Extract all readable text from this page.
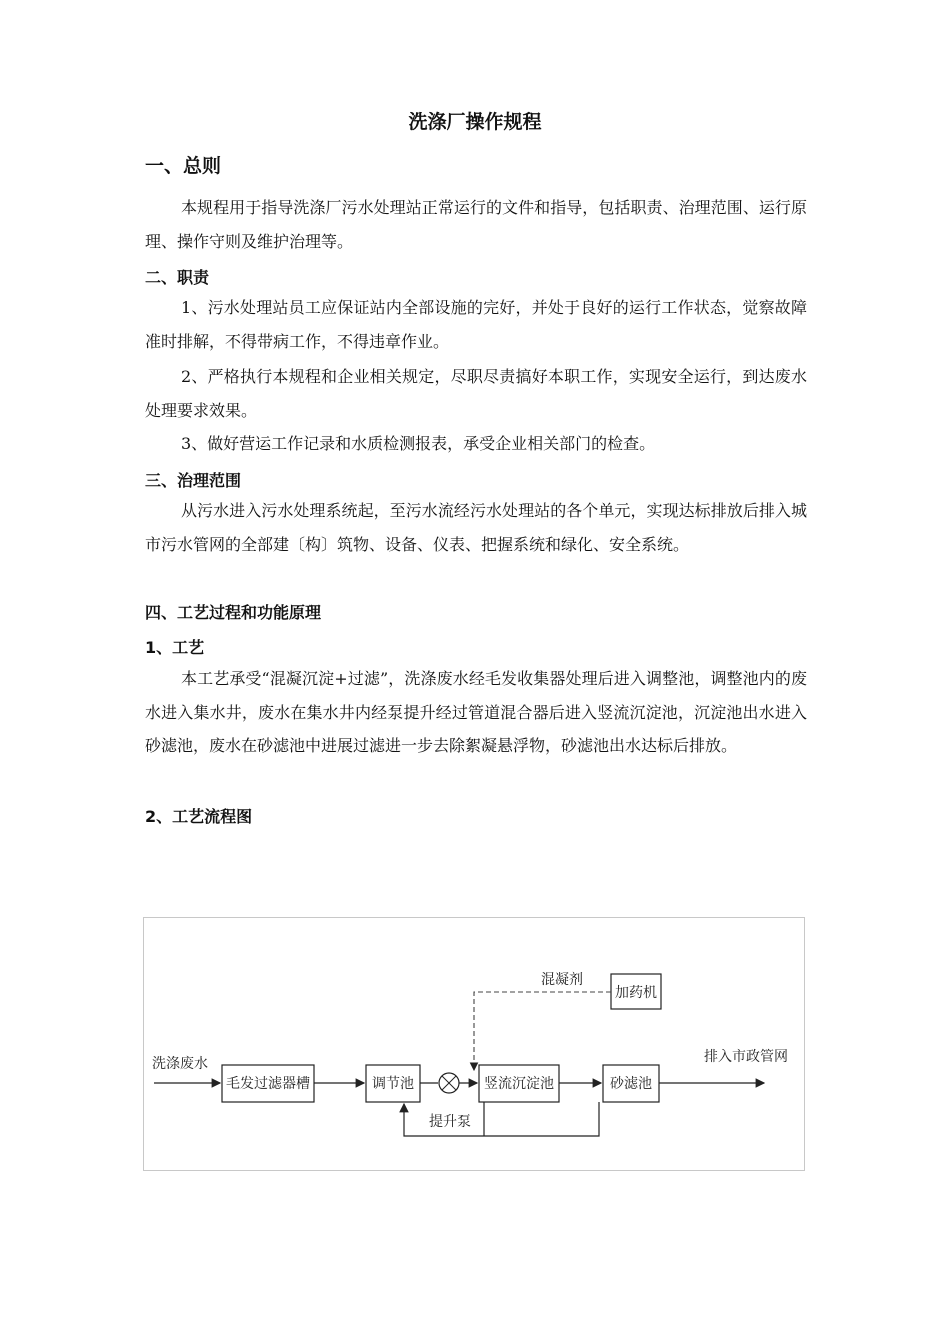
洗涤厂操作规程
一、总则
本规程用于指导洗涤厂污水处理站正常运行的文件和指导，包括职责、治理范围、运行原理、操作守则及维护治理等。
二、职责
1、污水处理站员工应保证站内全部设施的完好，并处于良好的运行工作状态，觉察故障准时排解，不得带病工作，不得违章作业。
2、严格执行本规程和企业相关规定，尽职尽责搞好本职工作，实现安全运行，到达废水处理要求效果。
3、做好营运工作记录和水质检测报表，承受企业相关部门的检查。
三、治理范围
从污水进入污水处理系统起，至污水流经污水处理站的各个单元，实现达标排放后排入城市污水管网的全部建〔构〕筑物、设备、仪表、把握系统和绿化、安全系统。
四、工艺过程和功能原理
1、工艺
本工艺承受“混凝沉淀+过滤”，洗涤废水经毛发收集器处理后进入调整池，调整池内的废水进入集水井，废水在集水井内经泵提升经过管道混合器后进入竖流沉淀池，沉淀池出水进入砂滤池，废水在砂滤池中进展过滤进一步去除絮凝悬浮物，砂滤池出水达标后排放。
2、工艺流程图
洗涤废水
毛发过滤器槽	调节池
提升泵
竖流沉淀池	砂滤池
排入市政管网
加药机
混凝剂
